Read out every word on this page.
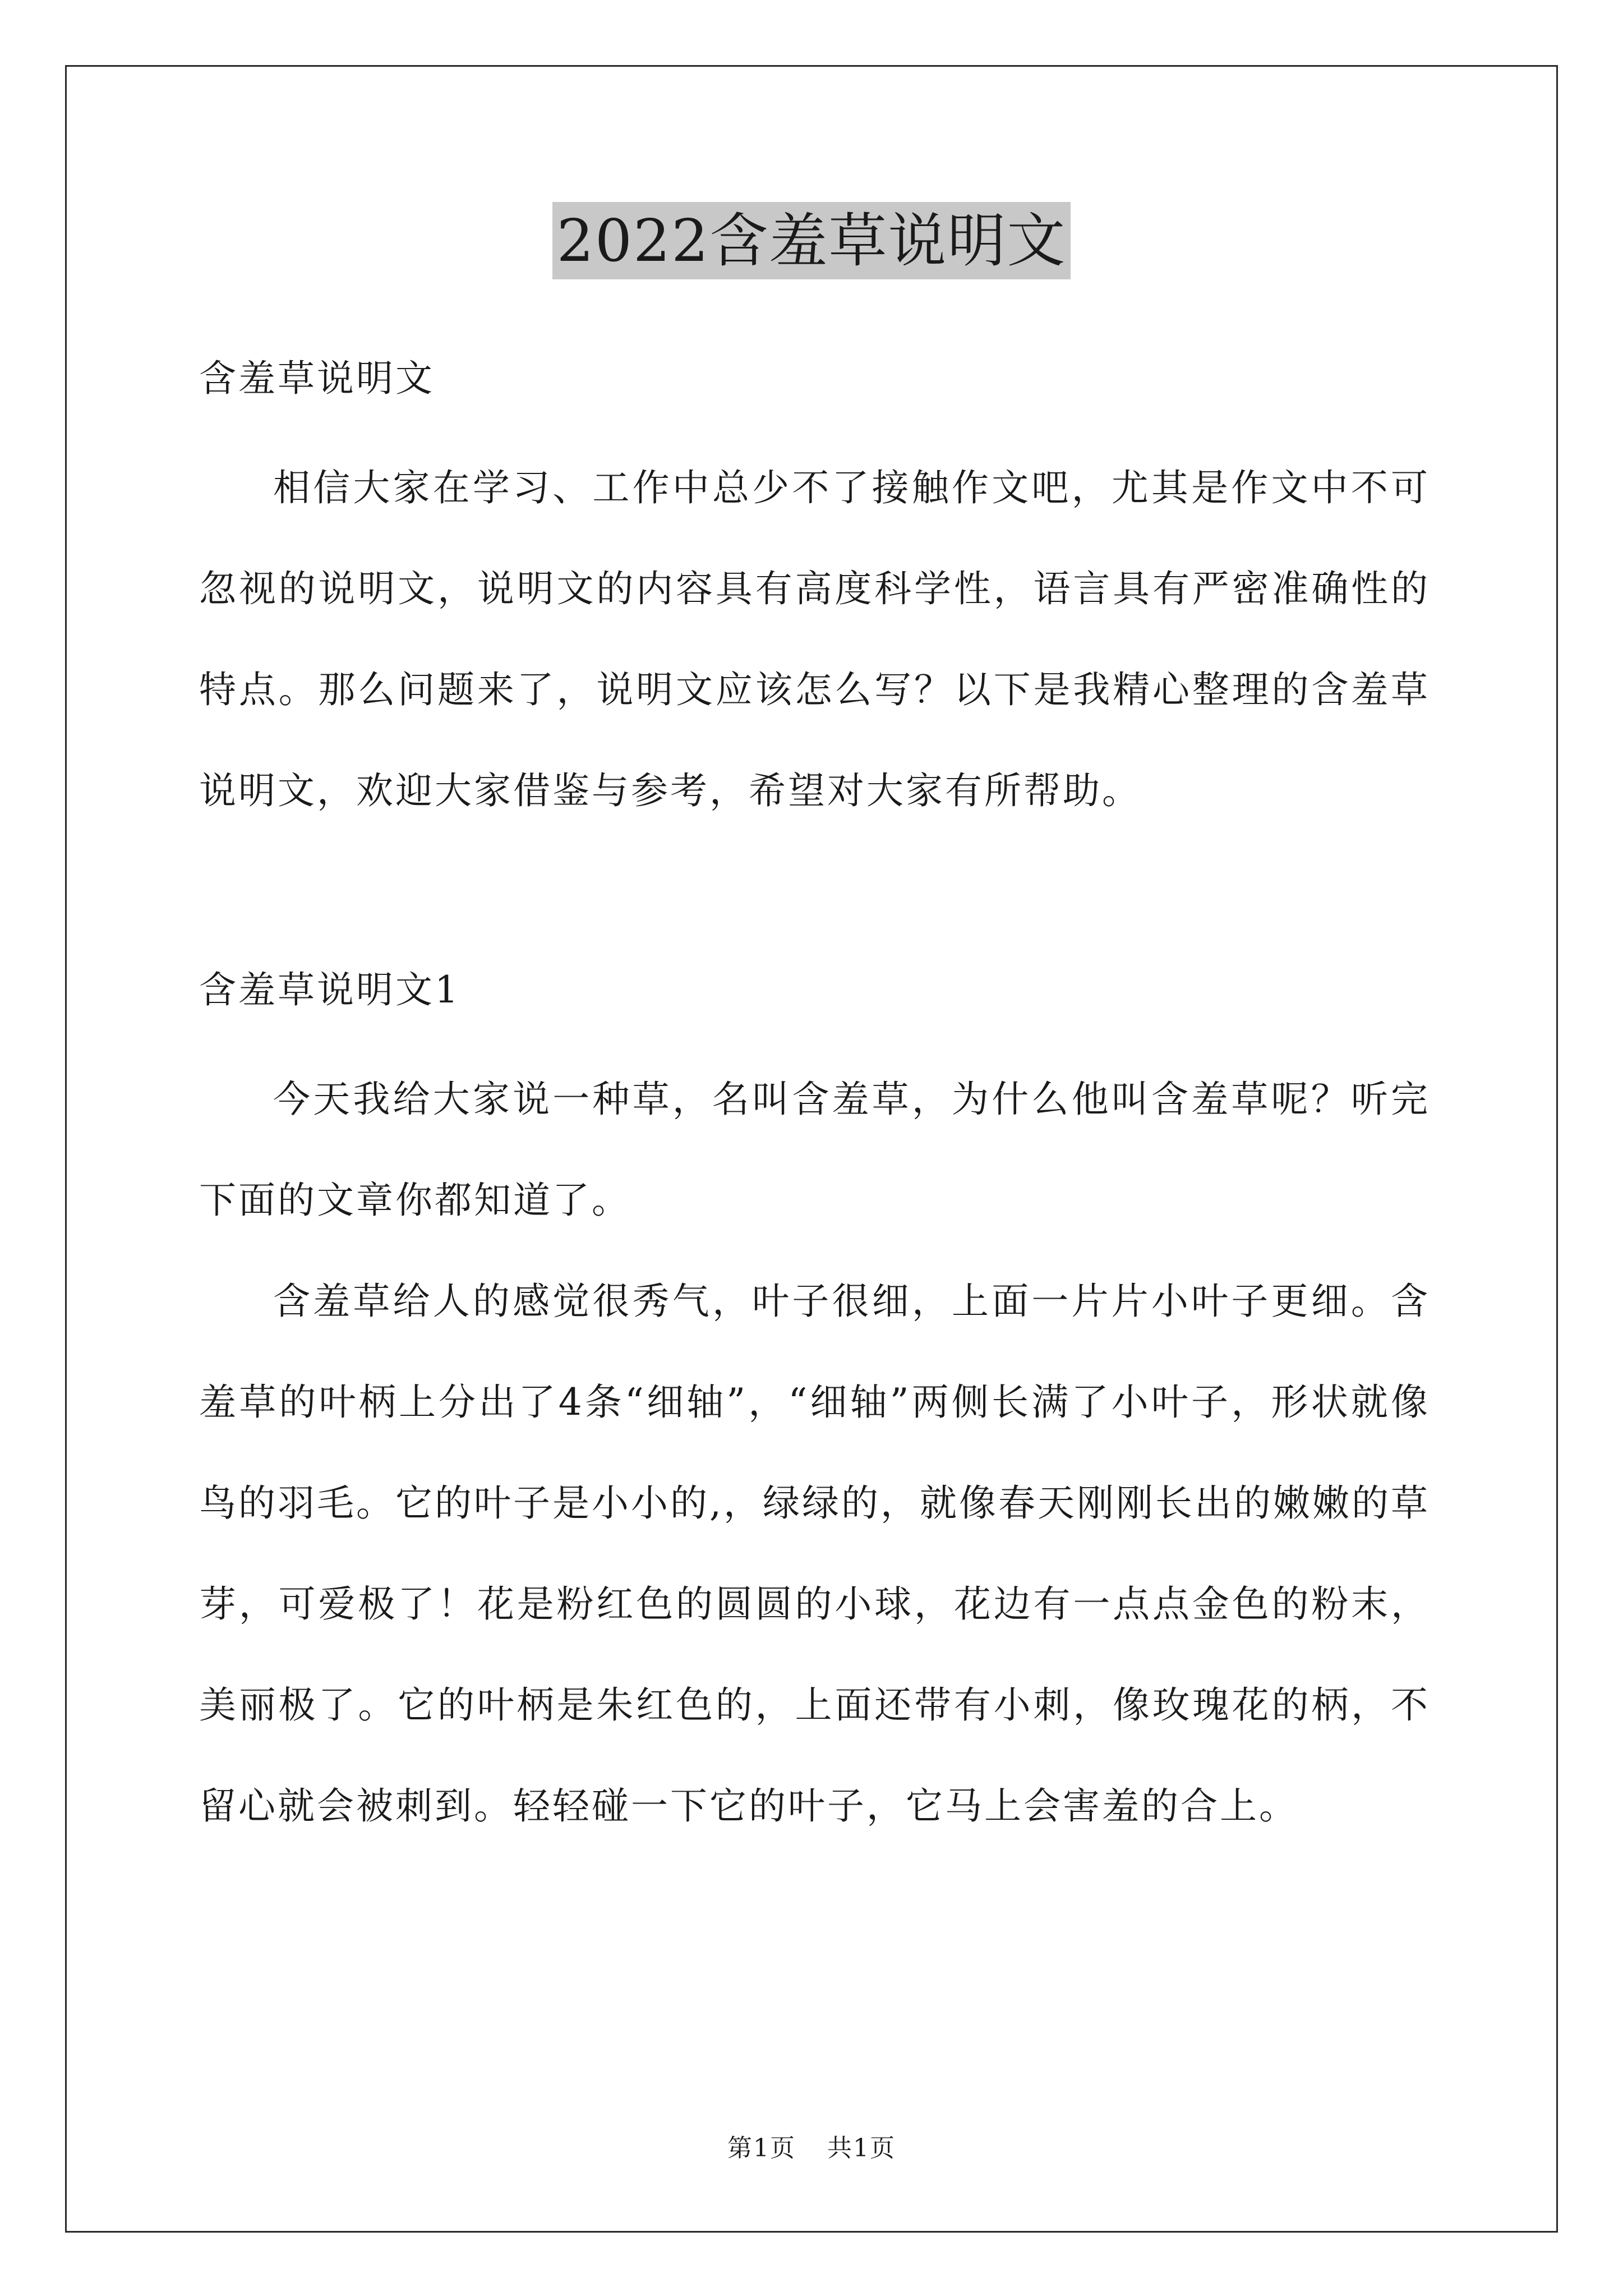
2022含羞草说明文

含羞草说明文

相信大家在学习、工作中总少不了接触作文吧，尤其是作文中不可忽视的说明文，说明文的内容具有高度科学性，语言具有严密准确性的特点。那么问题来了，说明文应该怎么写？以下是我精心整理的含羞草说明文，欢迎大家借鉴与参考，希望对大家有所帮助。

含羞草说明文1

今天我给大家说一种草，名叫含羞草，为什么他叫含羞草呢？听完下面的文章你都知道了。

含羞草给人的感觉很秀气，叶子很细，上面一片片小叶子更细。含羞草的叶柄上分出了4条“细轴”，“细轴”两侧长满了小叶子，形状就像鸟的羽毛。它的叶子是小小的,，绿绿的，就像春天刚刚长出的嫩嫩的草芽，可爱极了！花是粉红色的圆圆的小球，花边有一点点金色的粉末，美丽极了。它的叶柄是朱红色的，上面还带有小刺，像玫瑰花的柄，不留心就会被刺到。轻轻碰一下它的叶子，它马上会害羞的合上。

第1页 共1页
